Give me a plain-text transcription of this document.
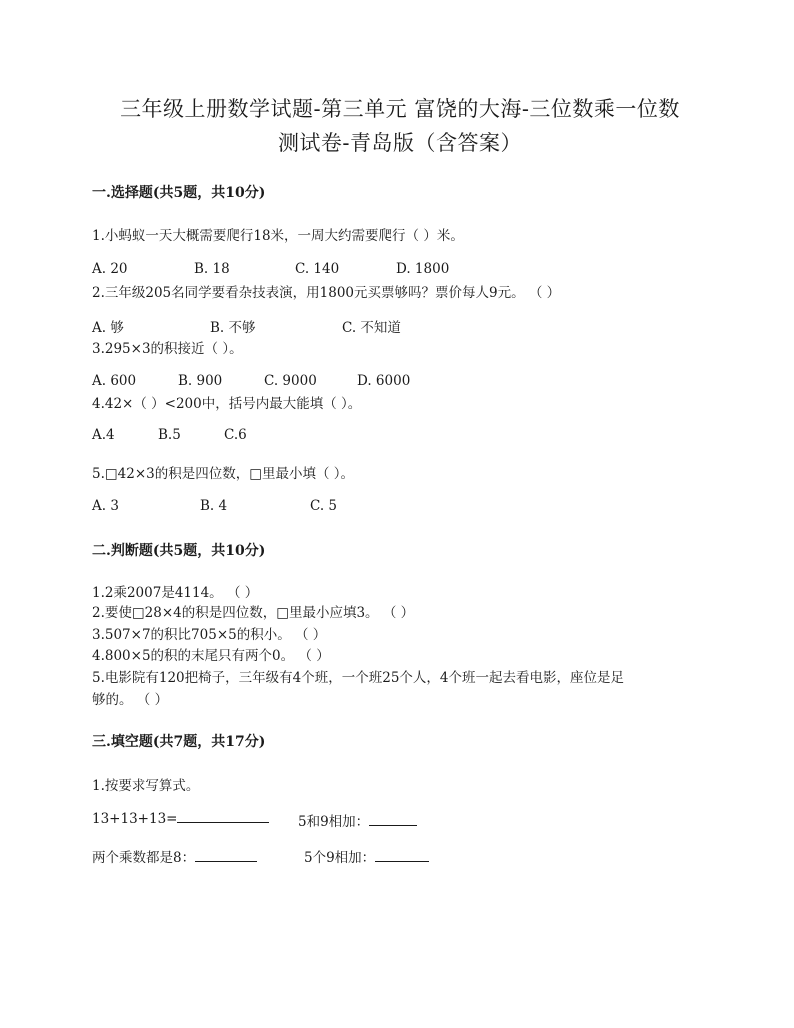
三年级上册数学试题-第三单元 富饶的大海-三位数乘一位数
测试卷-青岛版（含答案）
一.选择题(共5题，共10分)
1.小蚂蚁一天大概需要爬行18米，一周大约需要爬行（ ）米。
A. 20	B. 18	C. 140	D. 1800
2.三年级205名同学要看杂技表演，用1800元买票够吗？票价每人9元。 （ ）
A. 够	B. 不够	C. 不知道
3.295×3的积接近（ ）。
A. 600	B. 900	C. 9000	D. 6000
4.42×（ ）<200中，括号内最大能填（ ）。
A.4	B.5	C.6
5.□42×3的积是四位数，□里最小填（ ）。
A. 3	B. 4	C. 5
二.判断题(共5题，共10分)
1.2乘2007是4114。 （ ）
2.要使□28×4的积是四位数，□里最小应填3。 （ ）
3.507×7的积比705×5的积小。 （ ）
4.800×5的积的末尾只有两个0。 （ ）
5.电影院有120把椅子，三年级有4个班，一个班25个人，4个班一起去看电影，座位是足
够的。 （ ）
三.填空题(共7题，共17分)
1.按要求写算式。
13+13+13=	5和9相加：
两个乘数都是8：	5个9相加：
